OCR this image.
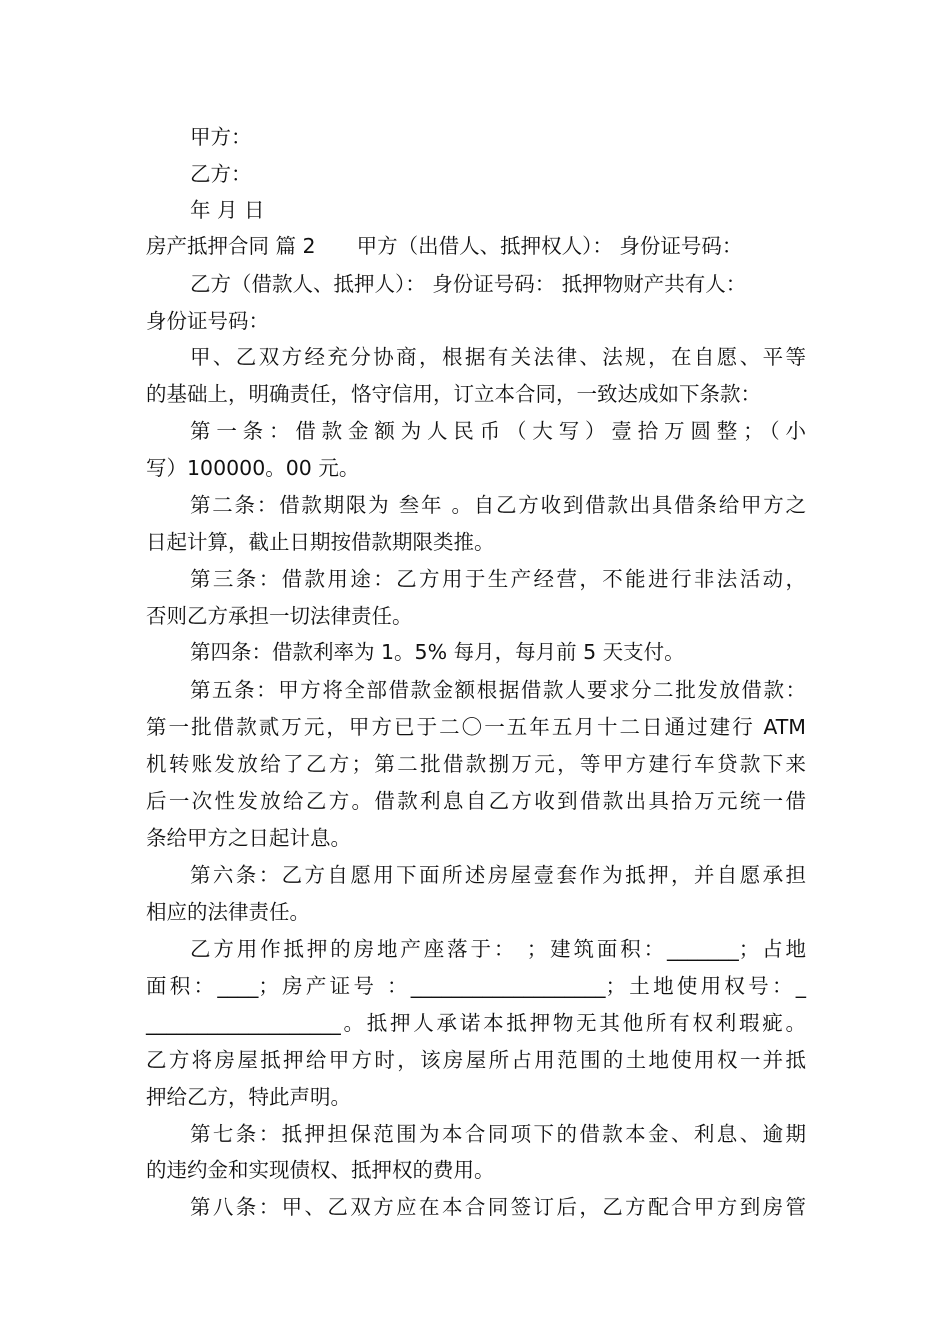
甲方：
乙方：
年 月 日
房产抵押合同 篇 2　　甲方（出借人、抵押权人）： 身份证号码：
乙方（借款人、抵押人）： 身份证号码： 抵押物财产共有人：
身份证号码：
甲、乙双方经充分协商，根据有关法律、法规，在自愿、平等
的基础上，明确责任，恪守信用，订立本合同，一致达成如下条款：
第一条：借款金额为人民币（大写）壹拾万圆整；（小
写）100000。00 元。
第二条：借款期限为 叁年 。自乙方收到借款出具借条给甲方之
日起计算，截止日期按借款期限类推。
第三条：借款用途：乙方用于生产经营，不能进行非法活动，
否则乙方承担一切法律责任。
第四条：借款利率为 1。5% 每月，每月前 5 天支付。
第五条：甲方将全部借款金额根据借款人要求分二批发放借款：
第一批借款贰万元，甲方已于二〇一五年五月十二日通过建行 ATM
机转账发放给了乙方；第二批借款捌万元，等甲方建行车贷款下来
后一次性发放给乙方。借款利息自乙方收到借款出具拾万元统一借
条给甲方之日起计息。
第六条：乙方自愿用下面所述房屋壹套作为抵押，并自愿承担
相应的法律责任。
乙方用作抵押的房地产座落于： ；建筑面积：_______；占地
面积：____；房产证号 ：___________________；土地使用权号：_
___________________。抵押人承诺本抵押物无其他所有权利瑕疵。
乙方将房屋抵押给甲方时，该房屋所占用范围的土地使用权一并抵
押给乙方，特此声明。
第七条：抵押担保范围为本合同项下的借款本金、利息、逾期
的违约金和实现债权、抵押权的费用。
第八条：甲、乙双方应在本合同签订后，乙方配合甲方到房管
